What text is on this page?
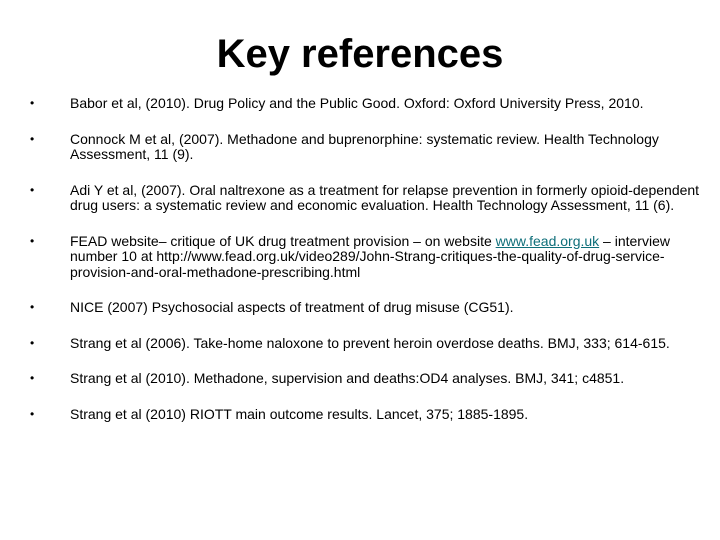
Key references
•	Babor et al, (2010). Drug Policy and the Public Good. Oxford: Oxford University Press, 2010.
•	Connock M et al, (2007). Methadone and buprenorphine: systematic review. Health Technology Assessment, 11 (9).
•	Adi Y et al, (2007). Oral naltrexone as a treatment for relapse prevention in formerly opioid-dependent drug users: a systematic review and economic evaluation. Health Technology Assessment, 11 (6).
•	FEAD website– critique of UK drug treatment provision – on website www.fead.org.uk – interview number 10 at http://www.fead.org.uk/video289/John-Strang-critiques-the-quality-of-drug-service-provision-and-oral-methadone-prescribing.html
•	NICE (2007) Psychosocial aspects of treatment of drug misuse (CG51).
•	Strang et al (2006). Take-home naloxone to prevent heroin overdose deaths. BMJ, 333; 614-615.
•	Strang et al (2010). Methadone, supervision and deaths:OD4 analyses. BMJ, 341; c4851.
•	Strang et al (2010) RIOTT main outcome results. Lancet, 375; 1885-1895.
